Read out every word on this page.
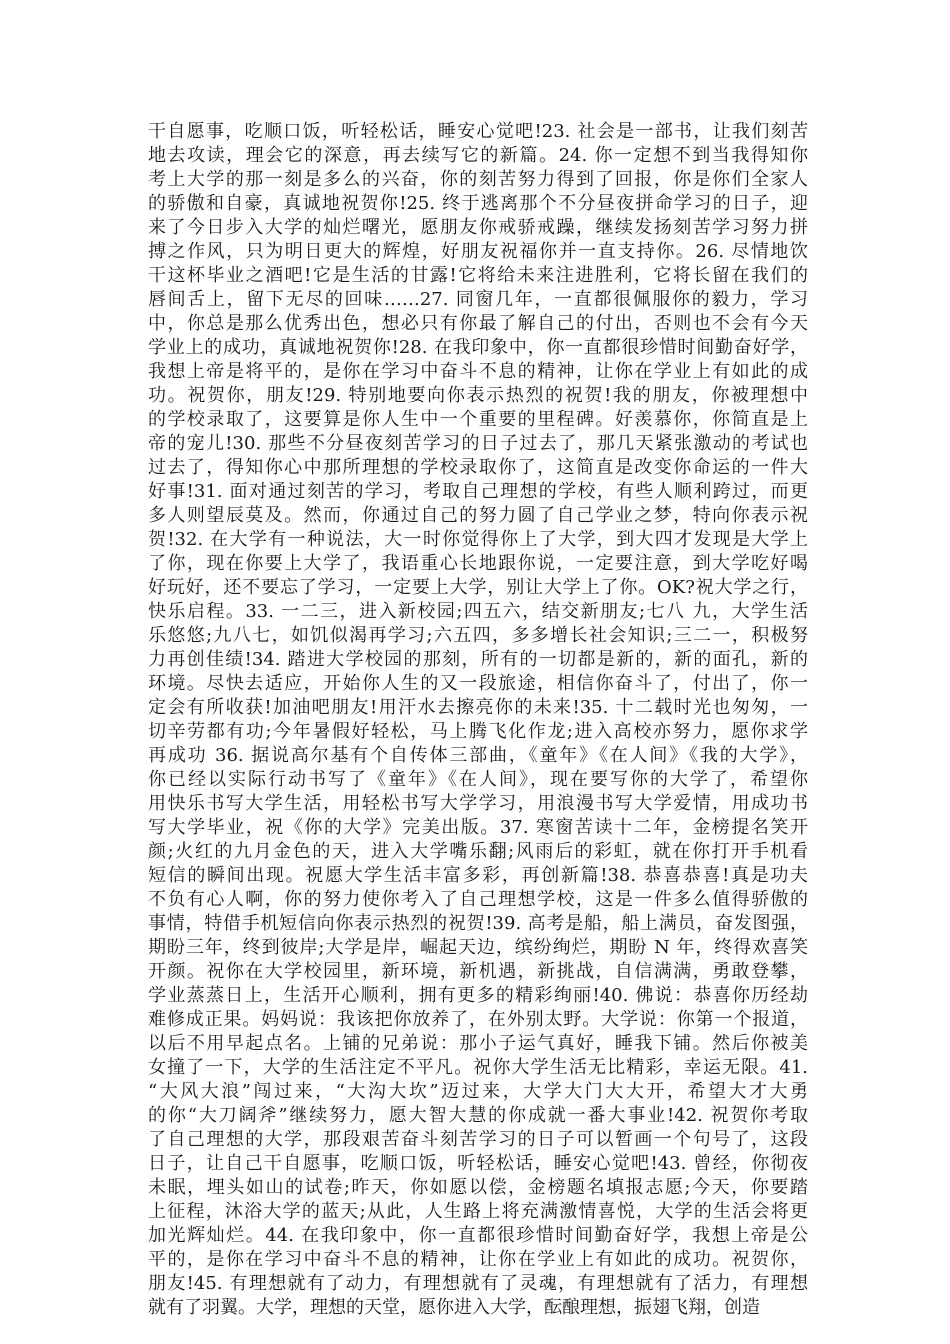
干自愿事，吃顺口饭，听轻松话，睡安心觉吧!23. 社会是一部书，让我们刻苦
地去攻读，理会它的深意，再去续写它的新篇。24. 你一定想不到当我得知你
考上大学的那一刻是多么的兴奋，你的刻苦努力得到了回报，你是你们全家人
的骄傲和自豪，真诚地祝贺你!25. 终于逃离那个不分昼夜拼命学习的日子，迎
来了今日步入大学的灿烂曙光，愿朋友你戒骄戒躁，继续发扬刻苦学习努力拼
搏之作风，只为明日更大的辉煌，好朋友祝福你并一直支持你。26. 尽情地饮
干这杯毕业之酒吧!它是生活的甘露!它将给未来注进胜利，它将长留在我们的
唇间舌上，留下无尽的回味……27. 同窗几年，一直都很佩服你的毅力，学习
中，你总是那么优秀出色，想必只有你最了解自己的付出，否则也不会有今天
学业上的成功，真诚地祝贺你!28. 在我印象中，你一直都很珍惜时间勤奋好学，
我想上帝是将平的，是你在学习中奋斗不息的精神，让你在学业上有如此的成
功。祝贺你，朋友!29. 特别地要向你表示热烈的祝贺!我的朋友，你被理想中
的学校录取了，这要算是你人生中一个重要的里程碑。好羡慕你，你简直是上
帝的宠儿!30. 那些不分昼夜刻苦学习的日子过去了，那几天紧张激动的考试也
过去了，得知你心中那所理想的学校录取你了，这简直是改变你命运的一件大
好事!31. 面对通过刻苦的学习，考取自己理想的学校，有些人顺利跨过，而更
多人则望辰莫及。然而，你通过自己的努力圆了自己学业之梦，特向你表示祝
贺!32. 在大学有一种说法，大一时你觉得你上了大学，到大四才发现是大学上
了你，现在你要上大学了，我语重心长地跟你说，一定要注意，到大学吃好喝
好玩好，还不要忘了学习，一定要上大学，别让大学上了你。OK?祝大学之行，
快乐启程。33. 一二三，进入新校园;四五六，结交新朋友;七八 九，大学生活
乐悠悠;九八七，如饥似渴再学习;六五四，多多增长社会知识;三二一，积极努
力再创佳绩!34. 踏进大学校园的那刻，所有的一切都是新的，新的面孔，新的
环境。尽快去适应，开始你人生的又一段旅途，相信你奋斗了，付出了，你一
定会有所收获!加油吧朋友!用汗水去擦亮你的未来!35. 十二载时光也匆匆，一
切辛劳都有功;今年暑假好轻松，马上腾飞化作龙;进入高校亦努力，愿你求学
再成功 36. 据说高尔基有个自传体三部曲，《童年》《在人间》《我的大学》，
你已经以实际行动书写了《童年》《在人间》，现在要写你的大学了，希望你
用快乐书写大学生活，用轻松书写大学学习，用浪漫书写大学爱情，用成功书
写大学毕业，祝《你的大学》完美出版。37. 寒窗苦读十二年，金榜提名笑开
颜;火红的九月金色的天，进入大学嘴乐翻;风雨后的彩虹，就在你打开手机看
短信的瞬间出现。祝愿大学生活丰富多彩，再创新篇!38. 恭喜恭喜!真是功夫
不负有心人啊，你的努力使你考入了自己理想学校，这是一件多么值得骄傲的
事情，特借手机短信向你表示热烈的祝贺!39. 高考是船，船上满员，奋发图强，
期盼三年，终到彼岸;大学是岸，崛起天边，缤纷绚烂，期盼 N 年，终得欢喜笑
开颜。祝你在大学校园里，新环境，新机遇，新挑战，自信满满，勇敢登攀，
学业蒸蒸日上，生活开心顺利，拥有更多的精彩绚丽!40. 佛说：恭喜你历经劫
难修成正果。妈妈说：我该把你放养了，在外别太野。大学说：你第一个报道，
以后不用早起点名。上铺的兄弟说：那小子运气真好，睡我下铺。然后你被美
女撞了一下，大学的生活注定不平凡。祝你大学生活无比精彩，幸运无限。41.
“大风大浪”闯过来，“大沟大坎”迈过来，大学大门大大开，希望大才大勇
的你“大刀阔斧”继续努力，愿大智大慧的你成就一番大事业!42. 祝贺你考取
了自己理想的大学，那段艰苦奋斗刻苦学习的日子可以暂画一个句号了，这段
日子，让自己干自愿事，吃顺口饭，听轻松话，睡安心觉吧!43. 曾经，你彻夜
未眠，埋头如山的试卷;昨天，你如愿以偿，金榜题名填报志愿;今天，你要踏
上征程，沐浴大学的蓝天;从此，人生路上将充满激情喜悦，大学的生活会将更
加光辉灿烂。44. 在我印象中，你一直都很珍惜时间勤奋好学，我想上帝是公
平的，是你在学习中奋斗不息的精神，让你在学业上有如此的成功。祝贺你，
朋友!45. 有理想就有了动力，有理想就有了灵魂，有理想就有了活力，有理想
就有了羽翼。大学，理想的天堂，愿你进入大学，酝酿理想，振翅飞翔，创造
